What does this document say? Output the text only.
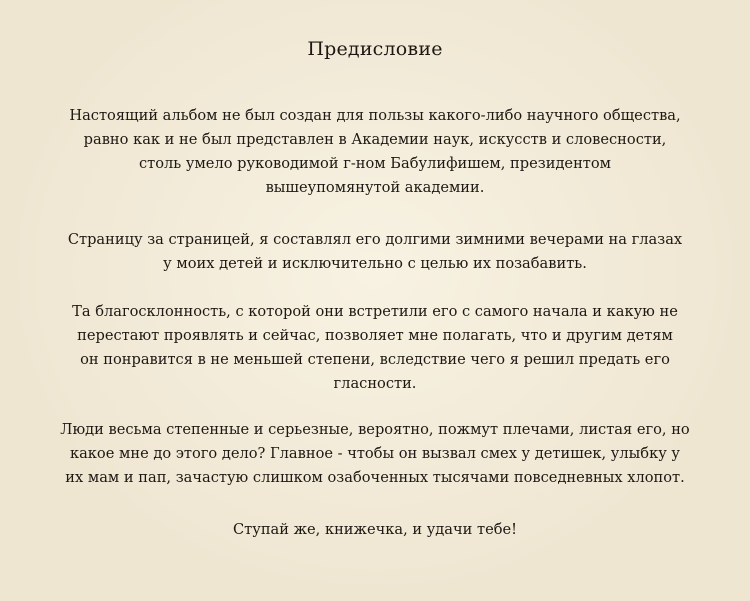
Предисловие
Настоящий альбом не был создан для пользы какого-либо научного общества,
равно как и не был представлен в Академии наук, искусств и словесности,
столь умело руководимой г-ном Бабулифишем, президентом
вышеупомянутой академии.
Страницу за страницей, я составлял его долгими зимними вечерами на глазах
у моих детей и исключительно с целью их позабавить.
Та благосклонность, с которой они встретили его с самого начала и какую не
перестают проявлять и сейчас, позволяет мне полагать, что и другим детям
он понравится в не меньшей степени, вследствие чего я решил предать его
гласности.
Люди весьма степенные и серьезные, вероятно, пожмут плечами, листая его, но
какое мне до этого дело? Главное - чтобы он вызвал смех у детишек, улыбку у
их мам и пап, зачастую слишком озабоченных тысячами повседневных хлопот.
Ступай же, книжечка, и удачи тебе!
